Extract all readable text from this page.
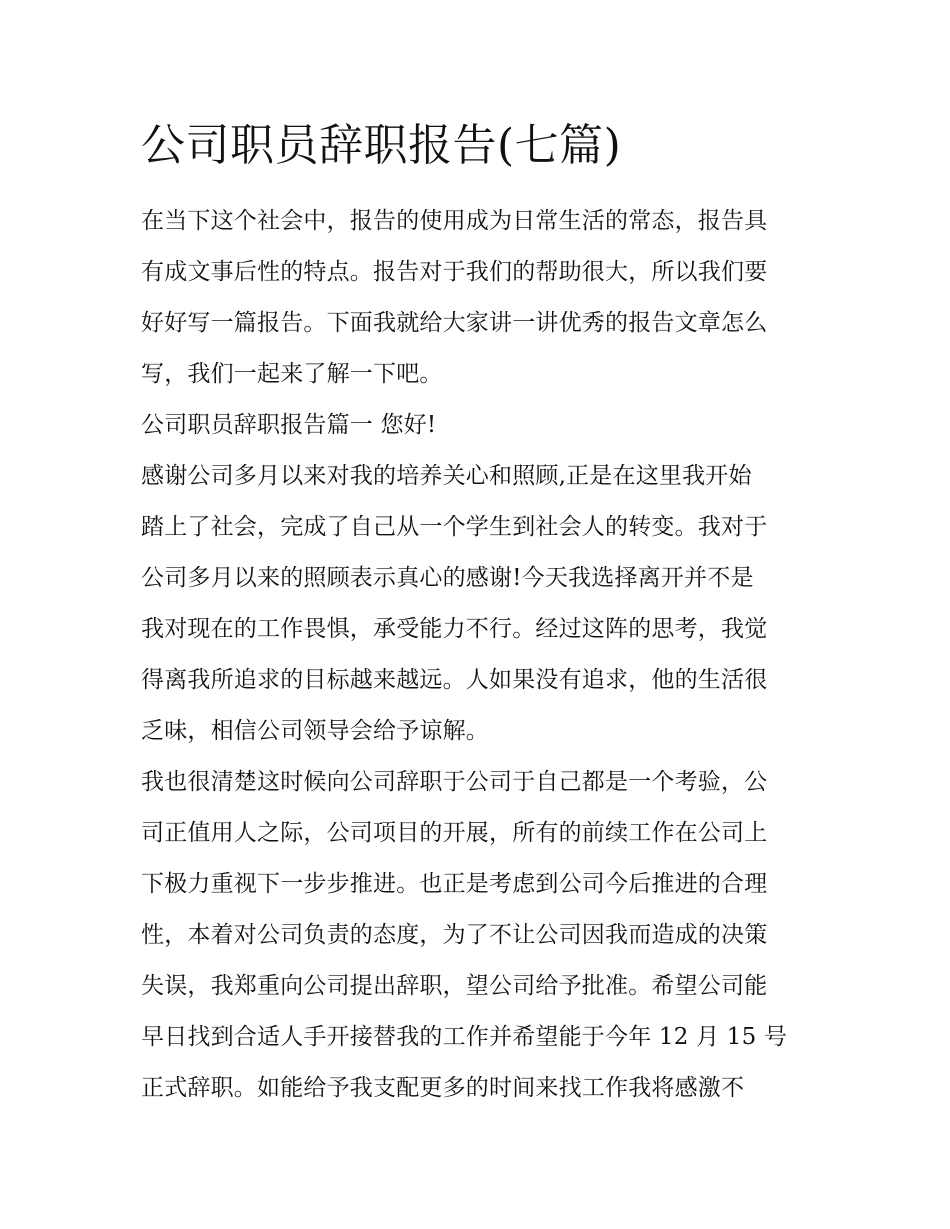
公司职员辞职报告(七篇)
在当下这个社会中，报告的使用成为日常生活的常态，报告具
有成文事后性的特点。报告对于我们的帮助很大，所以我们要
好好写一篇报告。下面我就给大家讲一讲优秀的报告文章怎么
写，我们一起来了解一下吧。
公司职员辞职报告篇一 您好!
感谢公司多月以来对我的培养关心和照顾,正是在这里我开始
踏上了社会，完成了自己从一个学生到社会人的转变。我对于
公司多月以来的照顾表示真心的感谢!今天我选择离开并不是
我对现在的工作畏惧，承受能力不行。经过这阵的思考，我觉
得离我所追求的目标越来越远。人如果没有追求，他的生活很
乏味，相信公司领导会给予谅解。
我也很清楚这时候向公司辞职于公司于自己都是一个考验，公
司正值用人之际，公司项目的开展，所有的前续工作在公司上
下极力重视下一步步推进。也正是考虑到公司今后推进的合理
性，本着对公司负责的态度，为了不让公司因我而造成的决策
失误，我郑重向公司提出辞职，望公司给予批准。希望公司能
早日找到合适人手开接替我的工作并希望能于今年 12 月 15 号
正式辞职。如能给予我支配更多的时间来找工作我将感激不
